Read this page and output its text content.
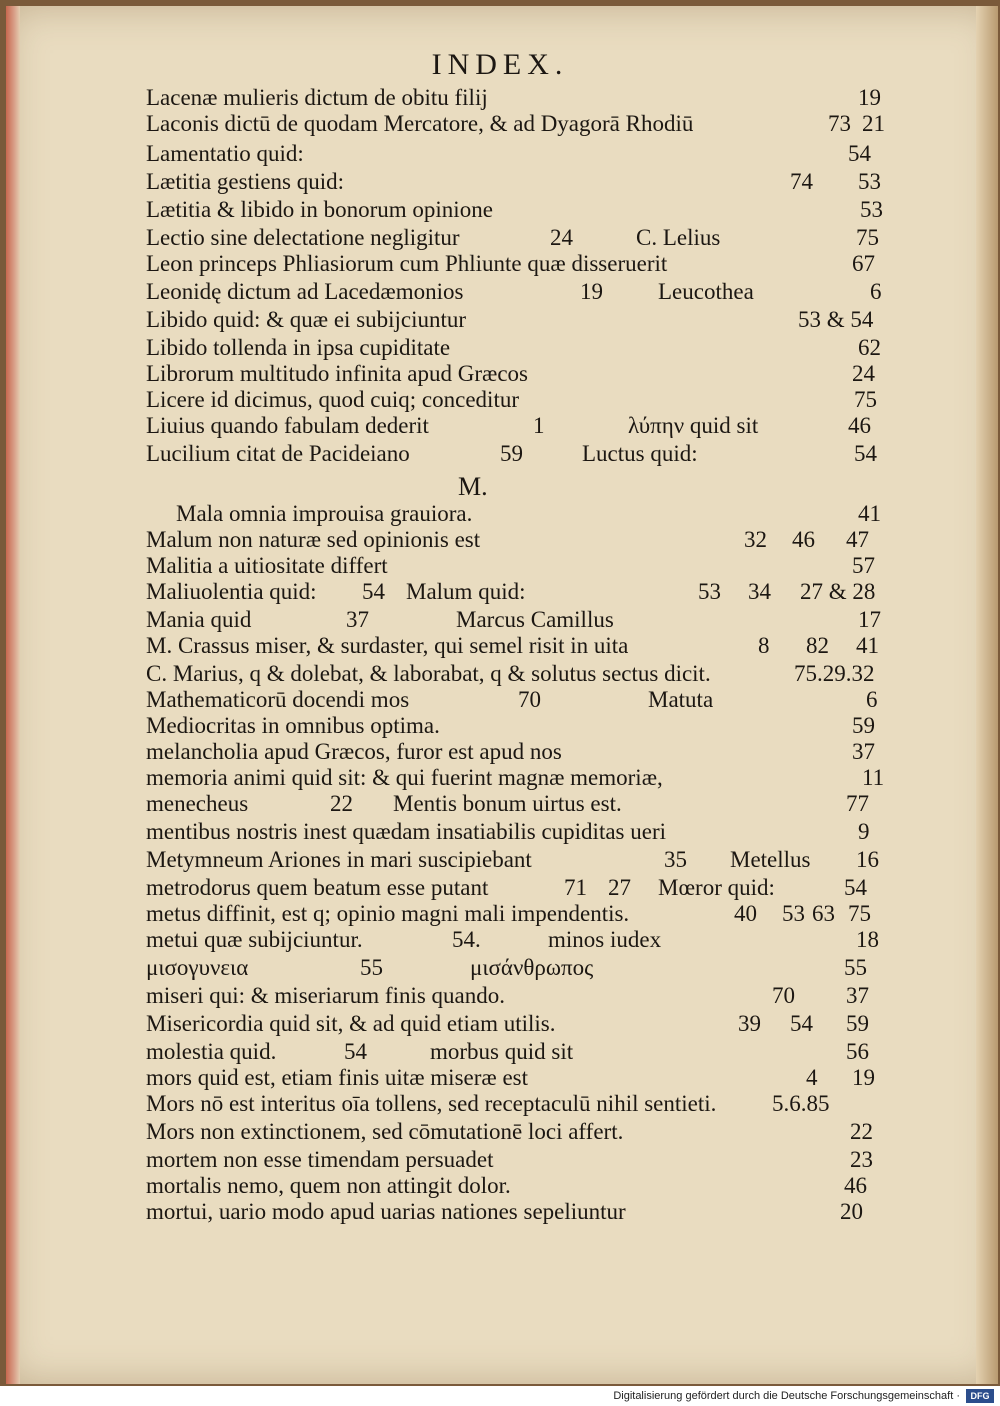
INDEX.
Lacenæ mulieris dictum de obitu filij	19
Laconis dictū de quodam Mercatore, & ad Dyagorā Rhodiū	73 21
Lamentatio quid:	54
Lætitia gestiens quid:	74 53
Lætitia & libido in bonorum opinione	53
Lectio sine delectatione negligitur	24	C. Lelius	75
Leon princeps Phliasiorum cum Phliunte quæ disseruerit	67
Leonidę dictum ad Lacedæmonios	19 Leucothea	6
Libido quid: & quæ ei subijciuntur	53 & 54
Libido tollenda in ipsa cupiditate	62
Librorum multitudo infinita apud Græcos	24
Licere id dicimus, quod cuiq; conceditur	75
Liuius quando fabulam dederit	1	λύπην quid sit	46
Lucilium citat de Pacideiano	59	Luctus quid:	54
Mala omnia improuisa grauiora.	41
Malum non naturæ sed opinionis est	32 46 47
Malitia a uitiositate differt	57
Maliuolentia quid: 54 Malum quid:	53 34 27 & 28
Mania quid	37	Marcus Camillus	17
M. Crassus miser, & surdaster, qui semel risit in uita	8 82 41
C. Marius, q & dolebat, & laborabat, q & solutus sectus dicit.	75.29.32
Mathematicorū docendi mos	70	Matuta	6
Mediocritas in omnibus optima.	59
melancholia apud Græcos, furor est apud nos	37
memoria animi quid sit: & qui fuerint magnæ memoriæ,	11
menecheus	22 Mentis bonum uirtus est.	77
mentibus nostris inest quædam insatiabilis cupiditas ueri	9
Metymneum Ariones in mari suscipiebant	35 Metellus 16
metrodorus quem beatum esse putant	71 27 Mœror quid:	54
metus diffinit, est q; opinio magni mali impendentis.	40 53 63 75
metui quæ subijciuntur.	54.	minos iudex	18
μισογυνεια	55	μισάνθρωπος	55
miseri qui: & miseriarum finis quando.	70 37
Misericordia quid sit, & ad quid etiam utilis.	39 54 59
molestia quid.	54	morbus quid sit	56
mors quid est, etiam finis uitæ miseræ est	4 19
Mors nō est interitus oīa tollens, sed receptaculū nihil sentieti. 5.6.85
Mors non extinctionem, sed cōmutationē loci affert.	22
mortem non esse timendam persuadet	23
mortalis nemo, quem non attingit dolor.	46
mortui, uario modo apud uarias nationes sepeliuntur	20
M.
Digitalisierung gefördert durch die Deutsche Forschungsgemeinschaft ·	DFG
